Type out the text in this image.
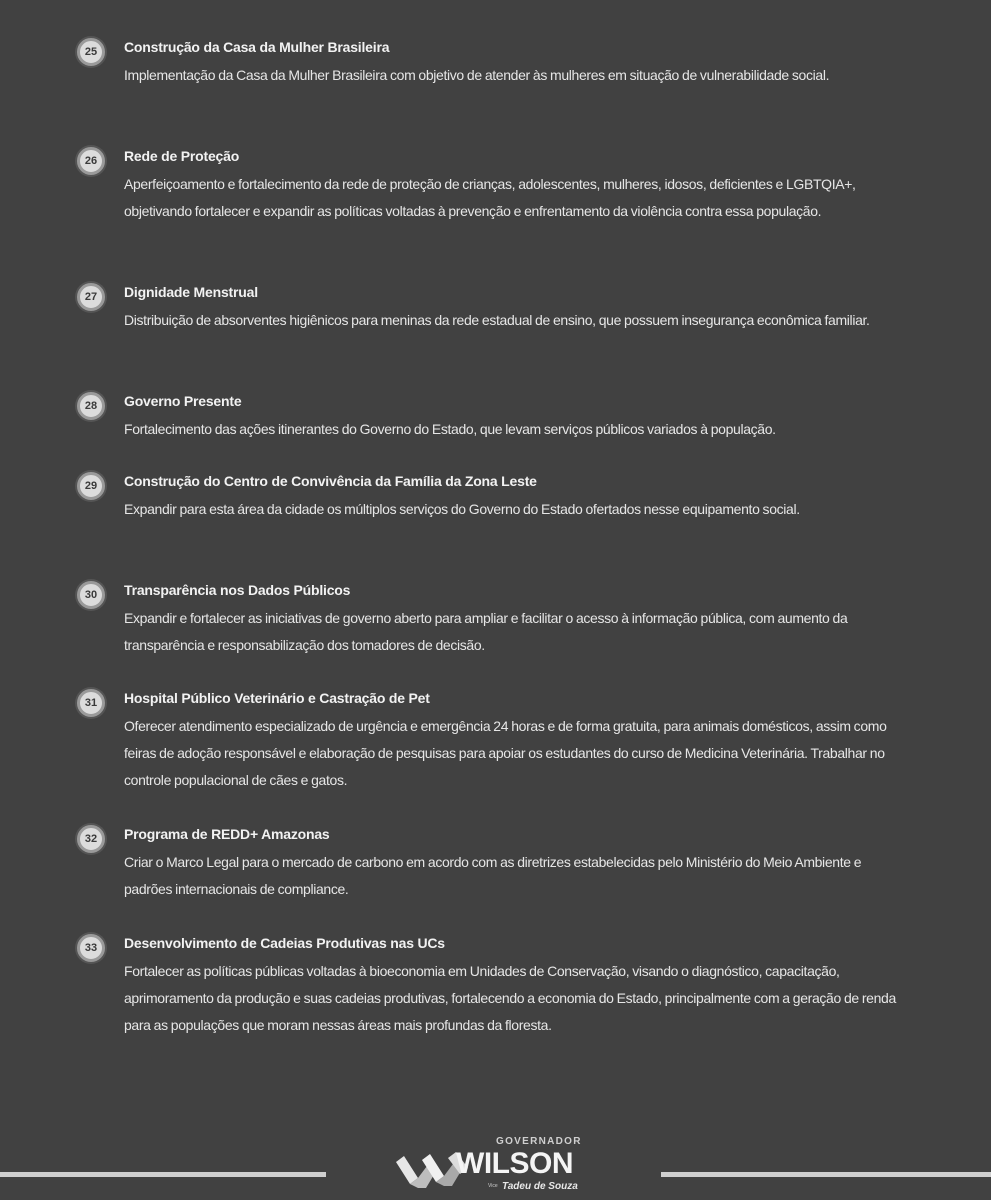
25	Construção da Casa da Mulher Brasileira

Implementação da Casa da Mulher Brasileira com objetivo de atender às mulheres em situação de vulnerabilidade social.

26	Rede de Proteção

Aperfeiçoamento e fortalecimento da rede de proteção de crianças, adolescentes, mulheres, idosos, deficientes e LGBTQIA+, objetivando fortalecer e expandir as políticas voltadas à prevenção e enfrentamento da violência contra essa população.

27	Dignidade Menstrual

Distribuição de absorventes higiênicos para meninas da rede estadual de ensino, que possuem insegurança econômica familiar.

28	Governo Presente

Fortalecimento das ações itinerantes do Governo do Estado, que levam serviços públicos variados à população.

29	Construção do Centro de Convivência da Família da Zona Leste

Expandir para esta área da cidade os múltiplos serviços do Governo do Estado ofertados nesse equipamento social.

30	Transparência nos Dados Públicos

Expandir e fortalecer as iniciativas de governo aberto para ampliar e facilitar o acesso à informação pública, com aumento da transparência e responsabilização dos tomadores de decisão.

31	Hospital Público Veterinário e Castração de Pet

Oferecer atendimento especializado de urgência e emergência 24 horas e de forma gratuita, para animais domésticos, assim como feiras de adoção responsável e elaboração de pesquisas para apoiar os estudantes do curso de Medicina Veterinária. Trabalhar no controle populacional de cães e gatos.

32	Programa de REDD+ Amazonas

Criar o Marco Legal para o mercado de carbono em acordo com as diretrizes estabelecidas pelo Ministério do Meio Ambiente e padrões internacionais de compliance.

33	Desenvolvimento de Cadeias Produtivas nas UCs

Fortalecer as políticas públicas voltadas à bioeconomia em Unidades de Conservação, visando o diagnóstico, capacitação, aprimoramento da produção e suas cadeias produtivas, fortalecendo a economia do Estado, principalmente com a geração de renda para as populações que moram nessas áreas mais profundas da floresta.

GOVERNADOR
WILSON
Vice Tadeu de Souza
